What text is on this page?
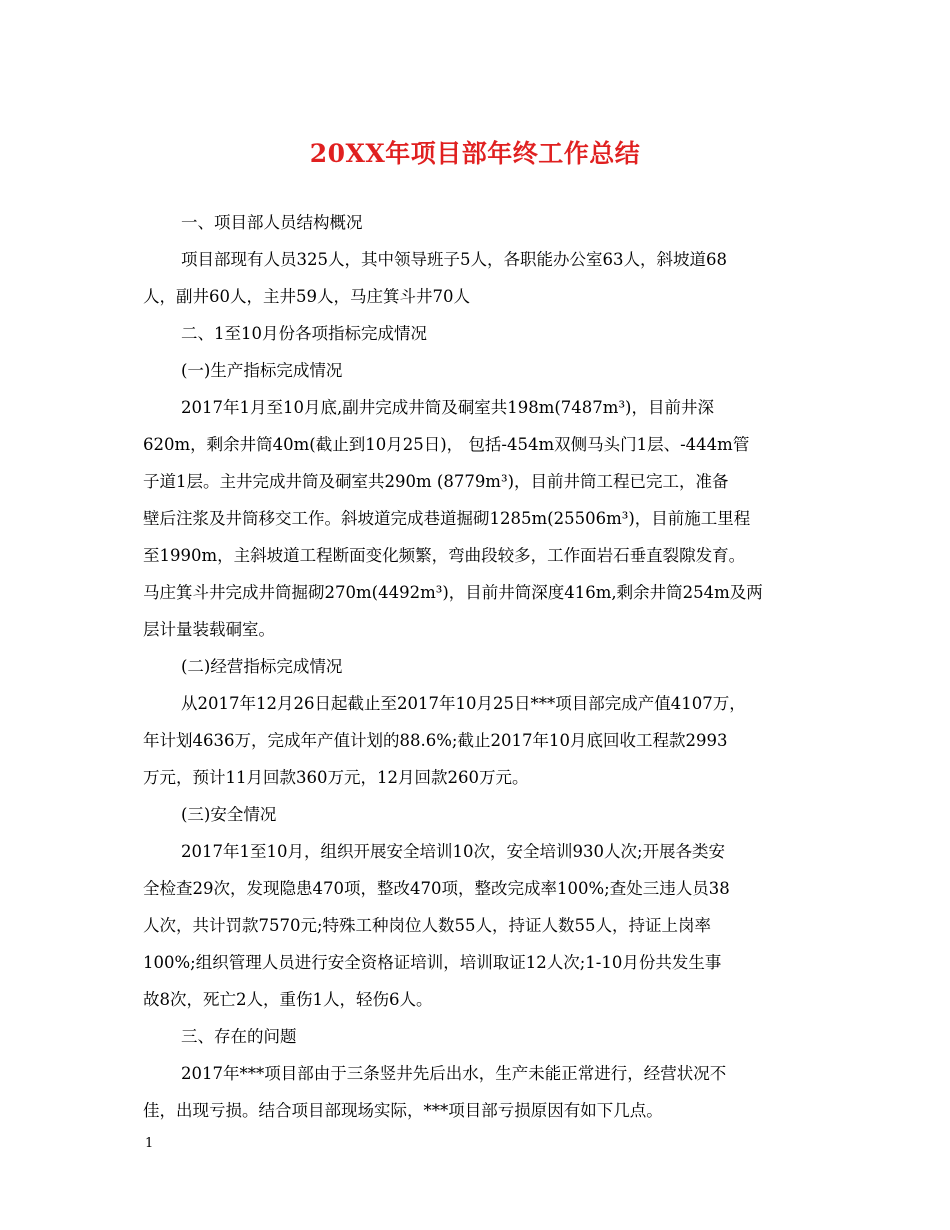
20XX年项目部年终工作总结
一、项目部人员结构概况
项目部现有人员325人，其中领导班子5人，各职能办公室63人，斜坡道68
人，副井60人，主井59人，马庄箕斗井70人
二、1至10月份各项指标完成情况
(一)生产指标完成情况
2017年1月至10月底,副井完成井筒及硐室共198m(7487m³)，目前井深
620m，剩余井筒40m(截止到10月25日)， 包括-454m双侧马头门1层、-444m管
子道1层。主井完成井筒及硐室共290m (8779m³)，目前井筒工程已完工，准备
壁后注浆及井筒移交工作。斜坡道完成巷道掘砌1285m(25506m³)，目前施工里程
至1990m，主斜坡道工程断面变化频繁，弯曲段较多，工作面岩石垂直裂隙发育。
马庄箕斗井完成井筒掘砌270m(4492m³)，目前井筒深度416m,剩余井筒254m及两
层计量装载硐室。
(二)经营指标完成情况
从2017年12月26日起截止至2017年10月25日***项目部完成产值4107万，
年计划4636万，完成年产值计划的88.6%;截止2017年10月底回收工程款2993
万元，预计11月回款360万元，12月回款260万元。
(三)安全情况
2017年1至10月，组织开展安全培训10次，安全培训930人次;开展各类安
全检查29次，发现隐患470项，整改470项，整改完成率100%;查处三违人员38
人次，共计罚款7570元;特殊工种岗位人数55人，持证人数55人，持证上岗率
100%;组织管理人员进行安全资格证培训，培训取证12人次;1-10月份共发生事
故8次，死亡2人，重伤1人，轻伤6人。
三、存在的问题
2017年***项目部由于三条竖井先后出水，生产未能正常进行，经营状况不
佳，出现亏损。结合项目部现场实际，***项目部亏损原因有如下几点。
1
